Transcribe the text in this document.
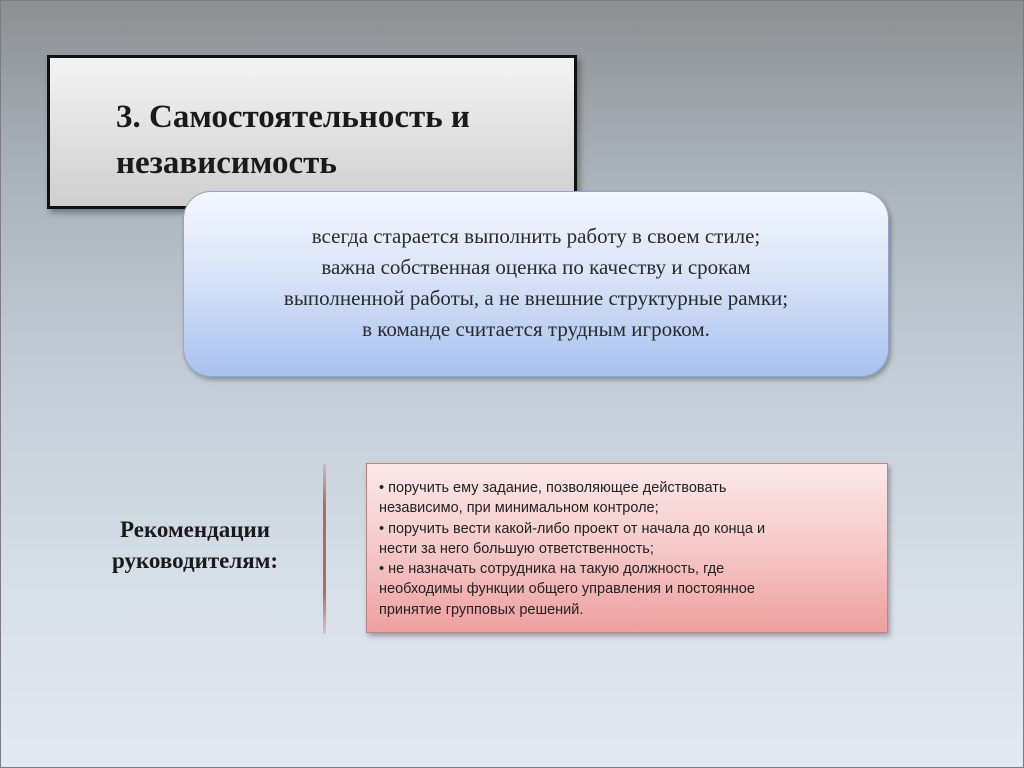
3. Самостоятельность и
независимость
всегда старается выполнить работу в своем стиле;
важна собственная оценка по качеству и срокам
выполненной работы, а не внешние структурные рамки;
в команде считается трудным игроком.
Рекомендации
руководителям:
• поручить ему задание, позволяющее действовать
независимо, при минимальном контроле;
• поручить вести какой-либо проект от начала до конца и
нести за него большую ответственность;
• не назначать сотрудника на такую должность, где
необходимы функции общего управления и постоянное
принятие групповых решений.
